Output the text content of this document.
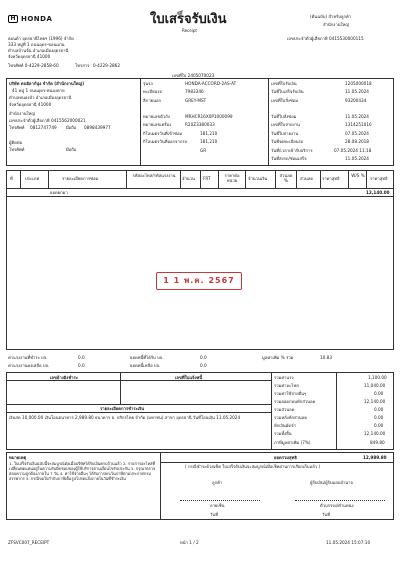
H HONDA	ใบเสร็จรับเงิน
Receipt
(ต้นฉบับ) สำหรับลูกค้า
สำนักงานใหญ่
เลขประจำตัวผู้เสียภาษี 0415530000115
ฮอนด้า อุดรธานีไทยฯ (1996) จำกัด
333 หมู่ที่ 1 ถนนอุดร-ขอนแก่น
ตำบลบ้านจั่น อำเภอเมืองอุดรธานี
จังหวัดอุดรธานี 41000
โทรศัพท์ 0-4229-2858-60	โทรสาร 0-4229-2862
เลขที่ใบ 2405070023
บริษัท ดนยิลาก์นุ่ง จำกัด (สำนักงานใหญ่)
41 หมู่ 1 ถนนอุดร-หนองคาย
ตำบลหนองบัว อำเภอเมืองอุดรธานี
จังหวัดอุดรธานี 41000
สำนักงานใหญ่
เลขประจำตัวผู้เสียภาษี 0415562000021
โทรศัพท์ 0812747749 มือถือ 0898439977
ผู้ติดต่อ
โทรศัพท์	มือถือ
รุ่นรถ	HONDA-ACCORD-2AS-AT
ทะเบียนรถ	7983346
สีภายนอก	GREY-MST
หมายเลขตัวถัง	MRHCR16X0P1000099
หมายเลขเครื่อง	R20Z3380033
กิโลเมตรวันที่เข้าซ่อม	181,210
กิโลเมตรวันที่ออกจากรถ	181,210
GR
เลขที่ใบรับเงิน	1205000018
วันที่ใบเสร็จรับเงิน	11.05.2024
เลขที่ใบสั่งซ่อม	93200434
วันที่ใบสั่งซ่อม	11.05.2024
เลขที่ใบจ่ายงาน	1314251016
วันที่ใบจ่ายงาน	07.05.2024
วันที่จดทะเบียนรถ	28.08.2018
วันที่/เวลาเข้ารับบริการ	07.05.2024 11:18
วันที่ส่งรถ/ซ่อมเสร็จ	11.05.2024
ที่	ประเภท	รายละเอียดการซ่อม
รหัสอะไหล่/รหัสแรงงาน
จำนวน FRT
ราคาต่อหน่วย	จำนวนเงิน
ส่วนลด %	ส่วนลด ราคาสุทธิ
W/S %
ราคาสุทธิ
ยอดยกมา	12,140.00
1 1 พ.ค. 2567
ค่าแรงงานที่ชำระ บจ.	0.0
ค่าแรงงานคงเหลือ บจ.	0.0
ยอดหนี้ที่ได้รับ บจ.	0.0
ยอดหนี้เหลือ บจ.	0.0
มูลค่าเพิ่ม % ร่วม	10.83
เลขอ้างอิงชำระ	เลขที่ใบแจ้งหนี้
รายละเอียดการชำระเงิน
เงินสด 10,000.00 เงินโอนธนาคาร 2,989.80 ธนาคาร ธ. กสิกรไทย จำกัด (มหาชน) สาขา อุดรธานี วันที่โอนเงิน 11.05.2024
รวมค่าแรง	1,100.00
รวมค่าอะไหล่	11,040.00
รวมค่าใช้จ่ายอื่นๆ	0.00
รวมยอดก่อนหักส่วนลด	12,140.00
รวมส่วนลด	0.00
รวมหลังหักส่วนลด	0.00
หักเงินมัดจำ	0.00
รวมทั้งสิ้น	12,140.00
ภาษีมูลค่าเพิ่ม (7%)	849.80
หมายเหตุ
1. ใบเสร็จรับเงินฉบับนี้จะสมบูรณ์ต่อเมื่อบริษัทได้รับเงินครบถ้วนแล้ว 2. รายการอะไหล่ที่เปลี่ยนทดแทนอยู่ในความรับผิดชอบของผู้ใช้บริการตามเงื่อนไขรับประกัน 3. กรุณาตรวจสอบความถูกต้องภายใน 7 วัน 4. ค่าใช้จ่ายอื่นๆ ได้รับการยกเว้นภาษีตามประกาศกรมสรรพากร 5. กรณีขอใบกำกับภาษีเต็มรูปโปรดแจ้งภายในวันที่ชำระเงิน
ยอดรวมสุทธิ	12,989.80
( กรณีชำระด้วยเช็ค ใบเสร็จรับเงินจะสมบูรณ์เมื่อเช็คผ่านการเรียกเก็บแล้ว )
ลูกค้า	ผู้รับเงิน/ผู้รับมอบอำนาจ
ลายเซ็น	ตัวบรรจง/ตำแหน่ง
วันที่	วันที่
ZFSVC007_RECEIPT	หน้า 1 / 2	11.05.2024 15:07:10
